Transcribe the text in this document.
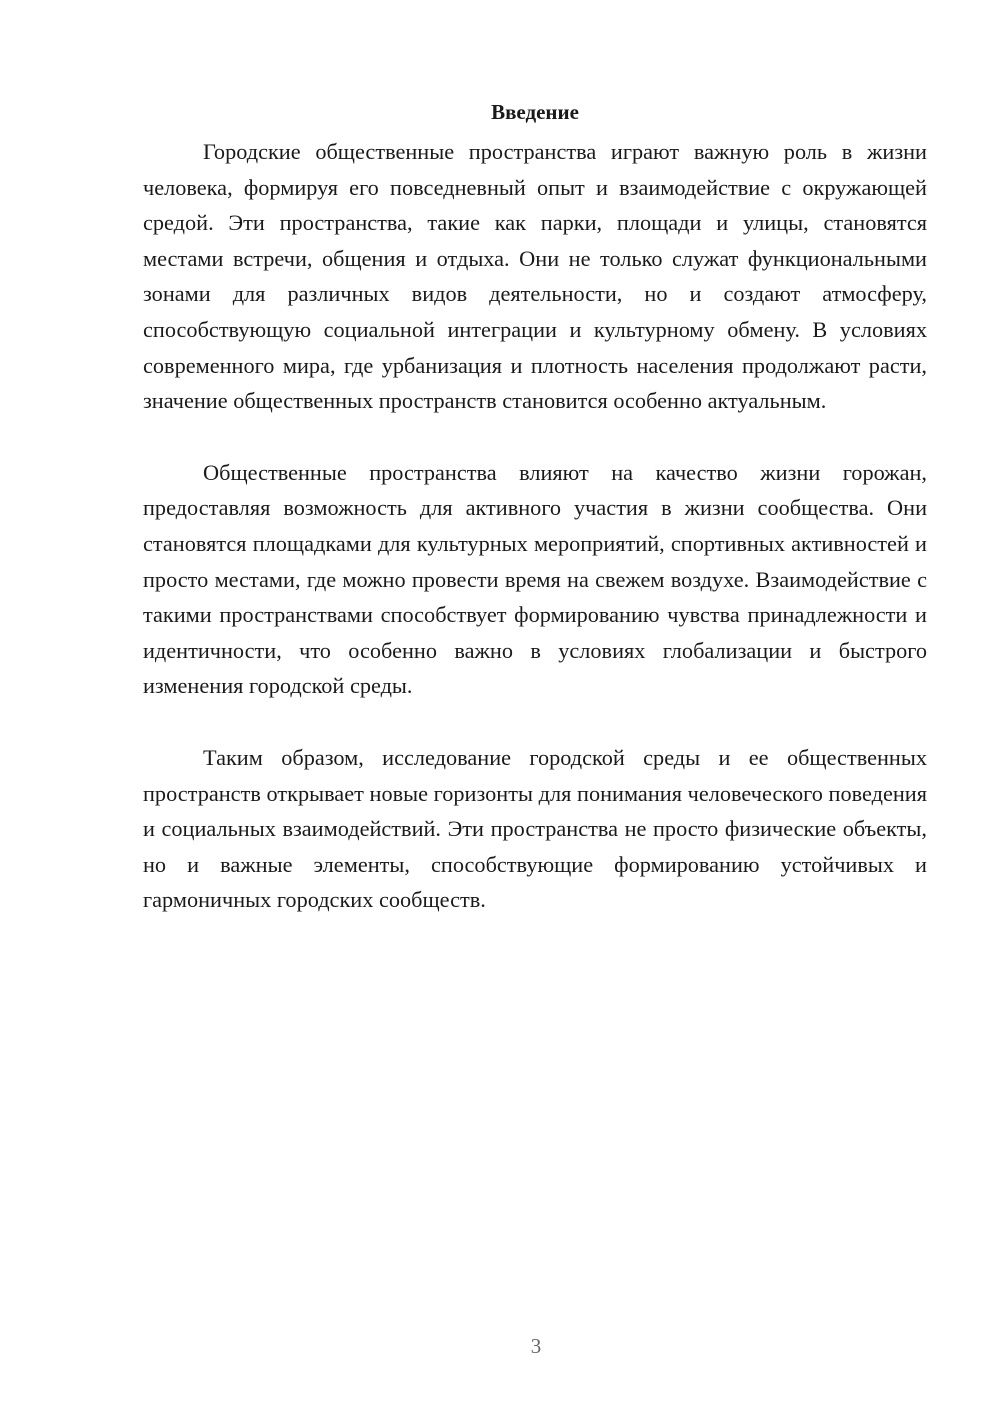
Введение

Городские общественные пространства играют важную роль в жизни человека, формируя его повседневный опыт и взаимодействие с окружающей средой. Эти пространства, такие как парки, площади и улицы, становятся местами встречи, общения и отдыха. Они не только служат функциональными зонами для различных видов деятельности, но и создают атмосферу, способствующую социальной интеграции и культурному обмену. В условиях современного мира, где урбанизация и плотность населения продолжают расти, значение общественных пространств становится особенно актуальным.

Общественные пространства влияют на качество жизни горожан, предоставляя возможность для активного участия в жизни сообщества. Они становятся площадками для культурных мероприятий, спортивных активностей и просто местами, где можно провести время на свежем воздухе. Взаимодействие с такими пространствами способствует формированию чувства принадлежности и идентичности, что особенно важно в условиях глобализации и быстрого изменения городской среды.

Таким образом, исследование городской среды и ее общественных пространств открывает новые горизонты для понимания человеческого поведения и социальных взаимодействий. Эти пространства не просто физические объекты, но и важные элементы, способствующие формированию устойчивых и гармоничных городских сообществ.

3
